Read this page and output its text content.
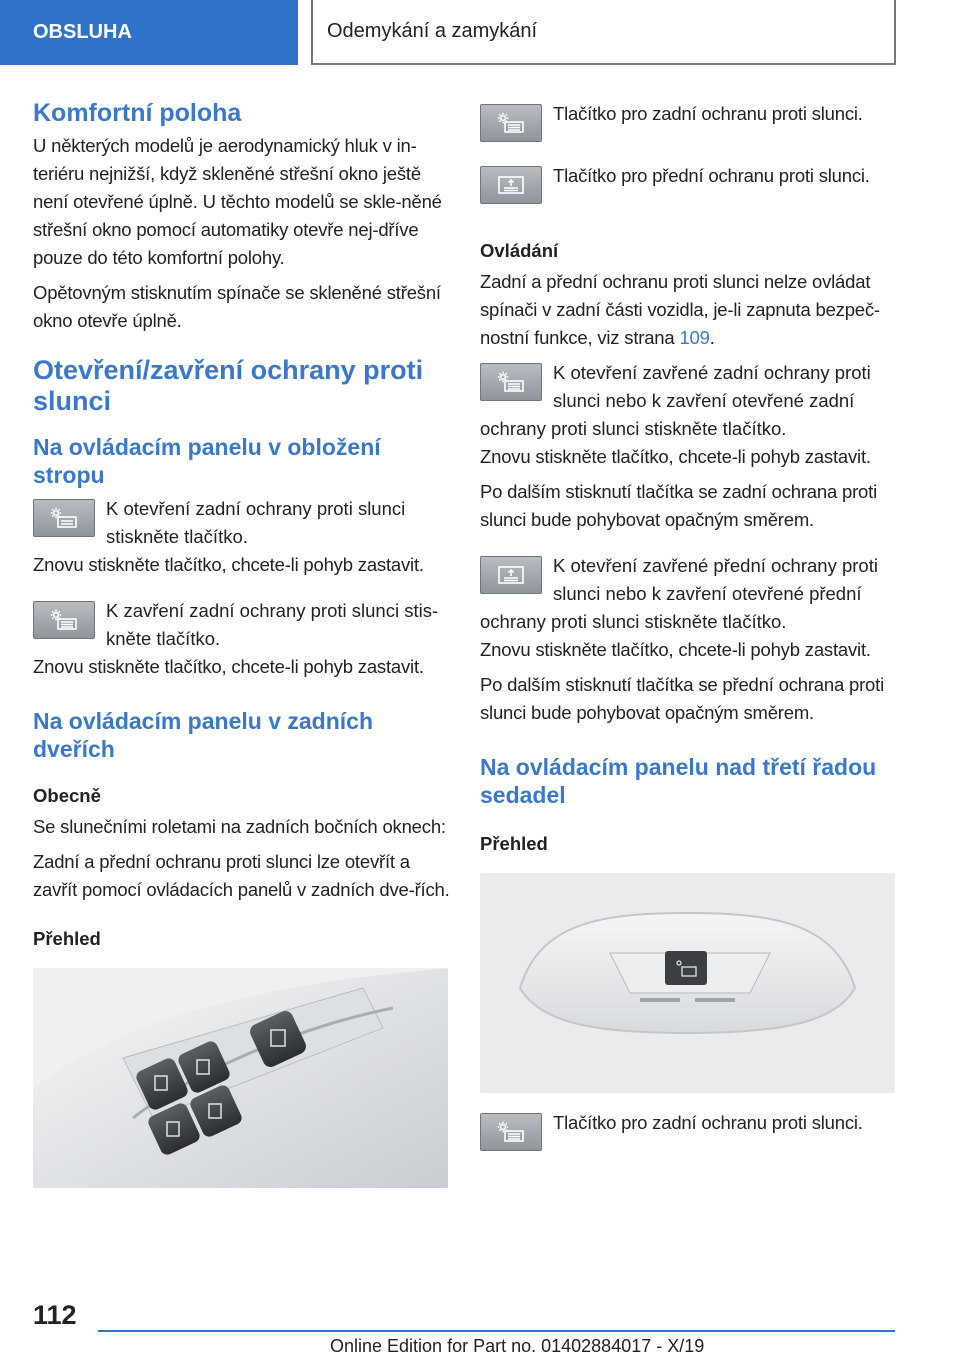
OBSLUHA	Odemykání a zamykání
Komfortní poloha

U některých modelů je aerodynamický hluk v in-teriéru nejnižší, když skleněné střešní okno ještě není otevřené úplně. U těchto modelů se skle-něné střešní okno pomocí automatiky otevře nej-dříve pouze do této komfortní polohy.

Opětovným stisknutím spínače se skleněné střešní okno otevře úplně.

Otevření/zavření ochrany proti slunci
Na ovládacím panelu v obložení stropu
K otevření zadní ochrany proti slunci stiskněte tlačítko.

Znovu stiskněte tlačítko, chcete-li pohyb zastavit.

K zavření zadní ochrany proti slunci stis-kněte tlačítko.

Znovu stiskněte tlačítko, chcete-li pohyb zastavit.

Na ovládacím panelu v zadních dveřích
Obecně

Se slunečními roletami na zadních bočních oknech:

Zadní a přední ochranu proti slunci lze otevřít a zavřít pomocí ovládacích panelů v zadních dve-řích.

Přehled
Tlačítko pro zadní ochranu proti slunci.
Tlačítko pro přední ochranu proti slunci.
Ovládání

Zadní a přední ochranu proti slunci nelze ovládat spínači v zadní části vozidla, je-li zapnuta bezpeč-nostní funkce, viz strana 109.

K otevření zavřené zadní ochrany proti slunci nebo k zavření otevřené zadní ochrany proti slunci stiskněte tlačítko.

Znovu stiskněte tlačítko, chcete-li pohyb zastavit.

Po dalším stisknutí tlačítka se zadní ochrana proti slunci bude pohybovat opačným směrem.

K otevření zavřené přední ochrany proti slunci nebo k zavření otevřené přední ochrany proti slunci stiskněte tlačítko.

Znovu stiskněte tlačítko, chcete-li pohyb zastavit.

Po dalším stisknutí tlačítka se přední ochrana proti slunci bude pohybovat opačným směrem.

Na ovládacím panelu nad třetí řadou sedadel
Přehled
Tlačítko pro zadní ochranu proti slunci.
112
Online Edition for Part no. 01402884017 - X/19
